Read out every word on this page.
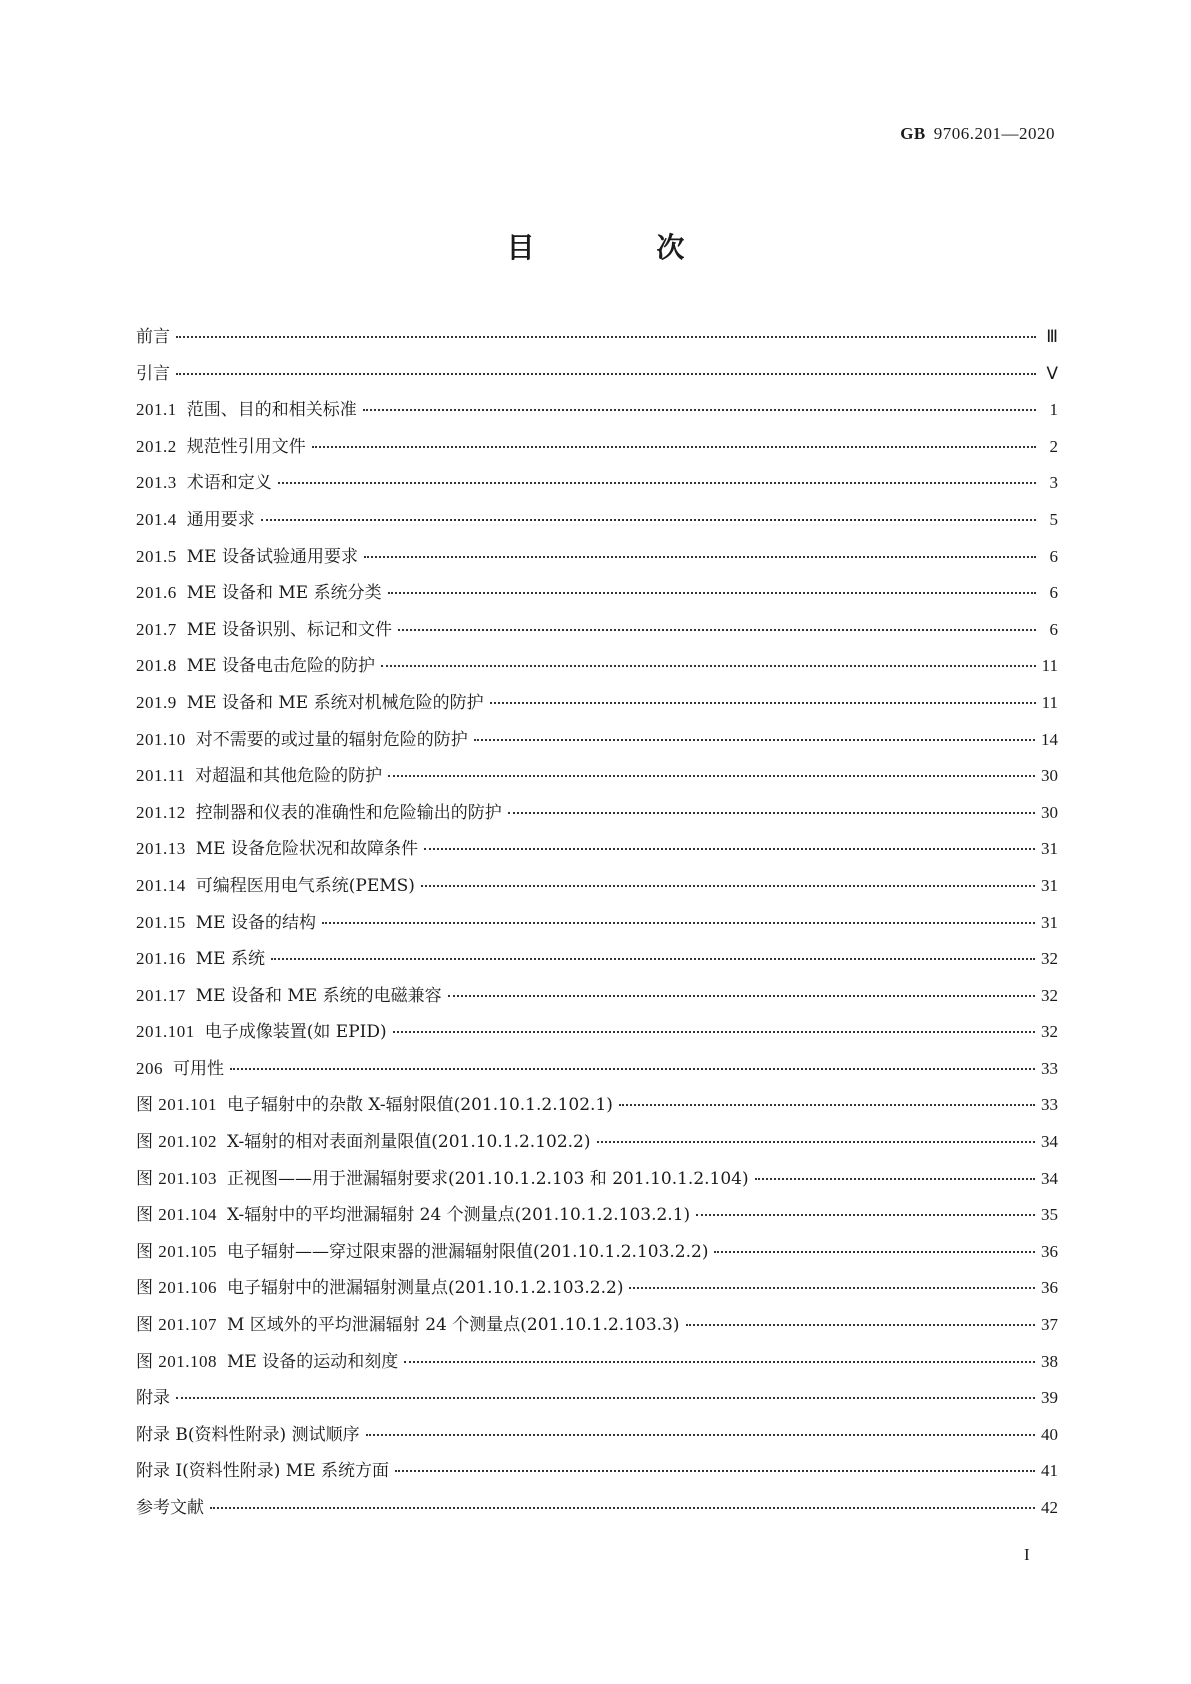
GB 9706.201—2020
目 次
前言	Ⅲ
引言	Ⅴ
201.1 范围、目的和相关标准	1
201.2 规范性引用文件	2
201.3 术语和定义	3
201.4 通用要求	5
201.5 ME 设备试验通用要求	6
201.6 ME 设备和 ME 系统分类	6
201.7 ME 设备识别、标记和文件	6
201.8 ME 设备电击危险的防护	11
201.9 ME 设备和 ME 系统对机械危险的防护	11
201.10 对不需要的或过量的辐射危险的防护	14
201.11 对超温和其他危险的防护	30
201.12 控制器和仪表的准确性和危险输出的防护	30
201.13 ME 设备危险状况和故障条件	31
201.14 可编程医用电气系统(PEMS)	31
201.15 ME 设备的结构	31
201.16 ME 系统	32
201.17 ME 设备和 ME 系统的电磁兼容	32
201.101 电子成像装置(如 EPID)	32
206 可用性	33
图 201.101 电子辐射中的杂散 X-辐射限值(201.10.1.2.102.1)	33
图 201.102 X-辐射的相对表面剂量限值(201.10.1.2.102.2)	34
图 201.103 正视图——用于泄漏辐射要求(201.10.1.2.103 和 201.10.1.2.104)	34
图 201.104 X-辐射中的平均泄漏辐射 24 个测量点(201.10.1.2.103.2.1)	35
图 201.105 电子辐射——穿过限束器的泄漏辐射限值(201.10.1.2.103.2.2)	36
图 201.106 电子辐射中的泄漏辐射测量点(201.10.1.2.103.2.2)	36
图 201.107 M 区域外的平均泄漏辐射 24 个测量点(201.10.1.2.103.3)	37
图 201.108 ME 设备的运动和刻度	38
附录	39
附录 B(资料性附录) 测试顺序	40
附录 I(资料性附录) ME 系统方面	41
参考文献	42
I
